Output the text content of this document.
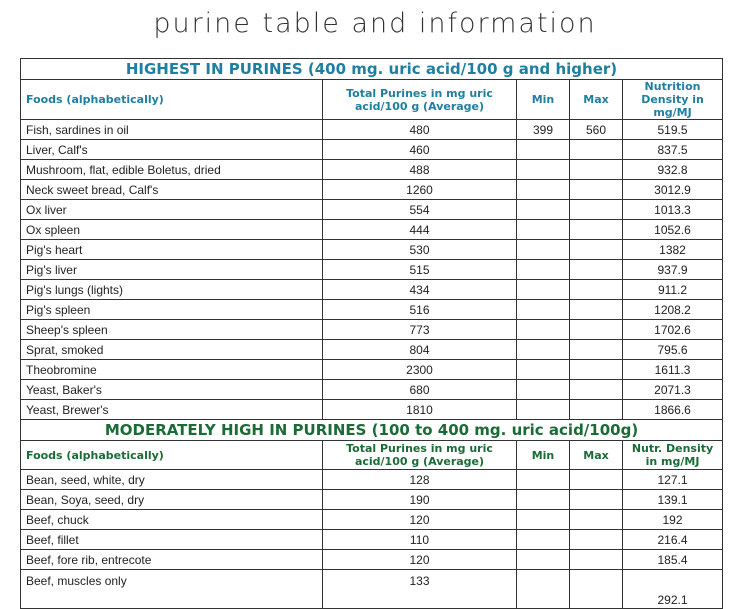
purine table and information
HIGHEST IN PURINES (400 mg. uric acid/100 g and higher)				
Foods (alphabetically)	Total Purines in mg uric acid/100 g (Average)	Min	Max	Nutrition Density in mg/MJ
Fish, sardines in oil	480	399	560	519.5
Liver, Calf's	460			837.5
Mushroom, flat, edible Boletus, dried	488			932.8
Neck sweet bread, Calf's	1260			3012.9
Ox liver	554			1013.3
Ox spleen	444			1052.6
Pig's heart	530			1382
Pig's liver	515			937.9
Pig's lungs (lights)	434			911.2
Pig's spleen	516			1208.2
Sheep's spleen	773			1702.6
Sprat, smoked	804			795.6
Theobromine	2300			1611.3
Yeast, Baker's	680			2071.3
Yeast, Brewer's	1810			1866.6
MODERATELY HIGH IN PURINES (100 to 400 mg. uric acid/100g)				
Foods (alphabetically)	Total Purines in mg uric acid/100 g (Average)	Min	Max	Nutr. Density in mg/MJ
Bean, seed, white, dry	128			127.1
Bean, Soya, seed, dry	190			139.1
Beef, chuck	120			192
Beef, fillet	110			216.4
Beef, fore rib, entrecote	120			185.4
Beef, muscles only	133			292.1
